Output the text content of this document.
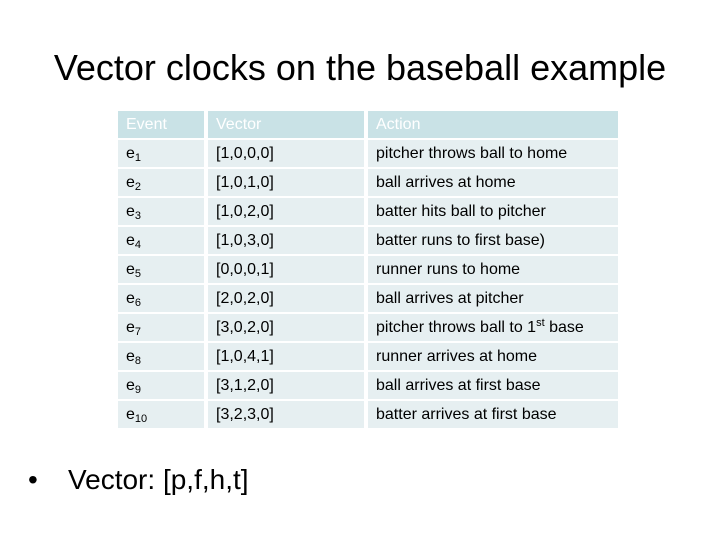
Vector clocks on the baseball example
Event	Vector	Action
$e_1$	[1,0,0,0]	pitcher throws ball to home
$e_2$	[1,0,1,0]	ball arrives at home
$e_3$	[1,0,2,0]	batter hits ball to pitcher
$e_4$	[1,0,3,0]	batter runs to first base)
$e_5$	[0,0,0,1]	runner runs to home
$e_6$	[2,0,2,0]	ball arrives at pitcher
$e_7$	[3,0,2,0]	pitcher throws ball to 1st base
$e_8$	[1,0,4,1]	runner arrives at home
$e_9$	[3,1,2,0]	ball arrives at first base
$e_{10}$	[3,2,3,0]	batter arrives at first base
• Vector: [p,f,h,t]
